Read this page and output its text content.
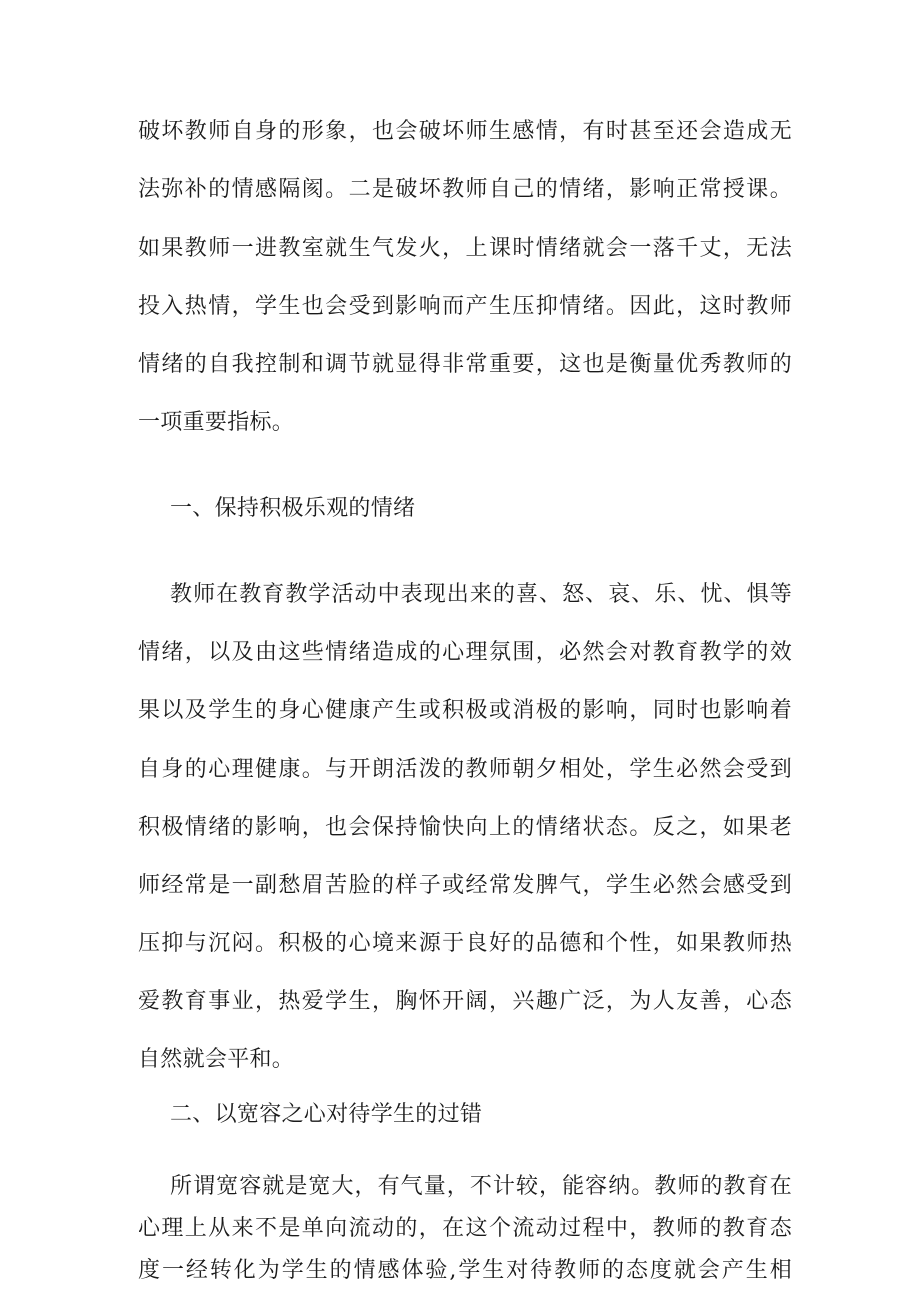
破坏教师自身的形象，也会破坏师生感情，有时甚至还会造成无
法弥补的情感隔阂。二是破坏教师自己的情绪，影响正常授课。
如果教师一进教室就生气发火，上课时情绪就会一落千丈，无法
投入热情，学生也会受到影响而产生压抑情绪。因此，这时教师
情绪的自我控制和调节就显得非常重要，这也是衡量优秀教师的
一项重要指标。
一、保持积极乐观的情绪
教师在教育教学活动中表现出来的喜、怒、哀、乐、忧、惧等
情绪，以及由这些情绪造成的心理氛围，必然会对教育教学的效
果以及学生的身心健康产生或积极或消极的影响，同时也影响着
自身的心理健康。与开朗活泼的教师朝夕相处，学生必然会受到
积极情绪的影响，也会保持愉快向上的情绪状态。反之，如果老
师经常是一副愁眉苦脸的样子或经常发脾气，学生必然会感受到
压抑与沉闷。积极的心境来源于良好的品德和个性，如果教师热
爱教育事业，热爱学生，胸怀开阔，兴趣广泛，为人友善，心态
自然就会平和。
二、以宽容之心对待学生的过错
所谓宽容就是宽大，有气量，不计较，能容纳。教师的教育在
心理上从来不是单向流动的，在这个流动过程中，教师的教育态
度一经转化为学生的情感体验,学生对待教师的态度就会产生相
